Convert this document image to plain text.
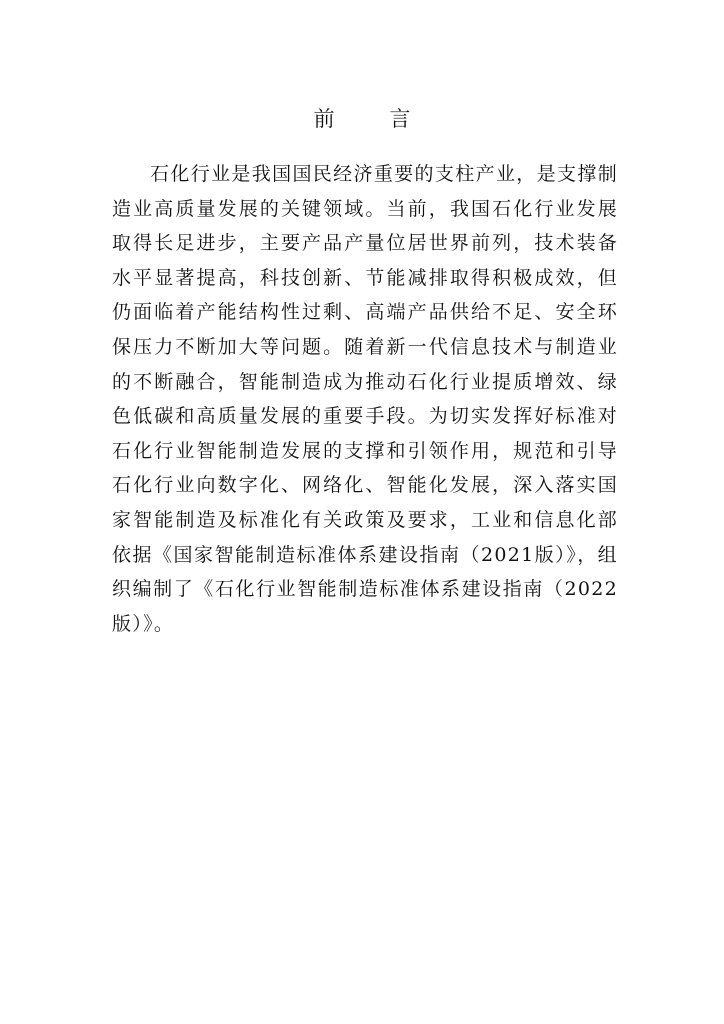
前 言

石化行业是我国国民经济重要的支柱产业，是支撑制造业高质量发展的关键领域。当前，我国石化行业发展取得长足进步，主要产品产量位居世界前列，技术装备水平显著提高，科技创新、节能减排取得积极成效，但仍面临着产能结构性过剩、高端产品供给不足、安全环保压力不断加大等问题。随着新一代信息技术与制造业的不断融合，智能制造成为推动石化行业提质增效、绿色低碳和高质量发展的重要手段。为切实发挥好标准对石化行业智能制造发展的支撑和引领作用，规范和引导石化行业向数字化、网络化、智能化发展，深入落实国家智能制造及标准化有关政策及要求，工业和信息化部依据《国家智能制造标准体系建设指南（2021版）》，组织编制了《石化行业智能制造标准体系建设指南（2022版）》。
